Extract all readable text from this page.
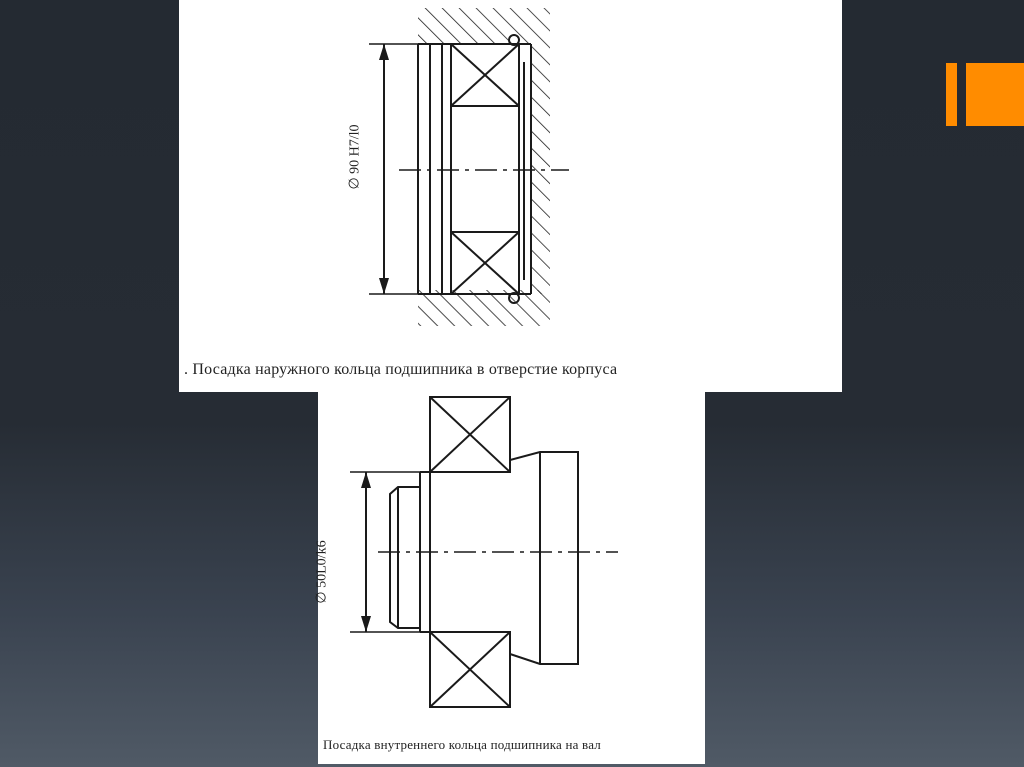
∅ 90 H7/l0
. Посадка наружного кольца подшипника в отверстие корпуса
∅ 50L0/k6
Посадка внутреннего кольца подшипника на вал
